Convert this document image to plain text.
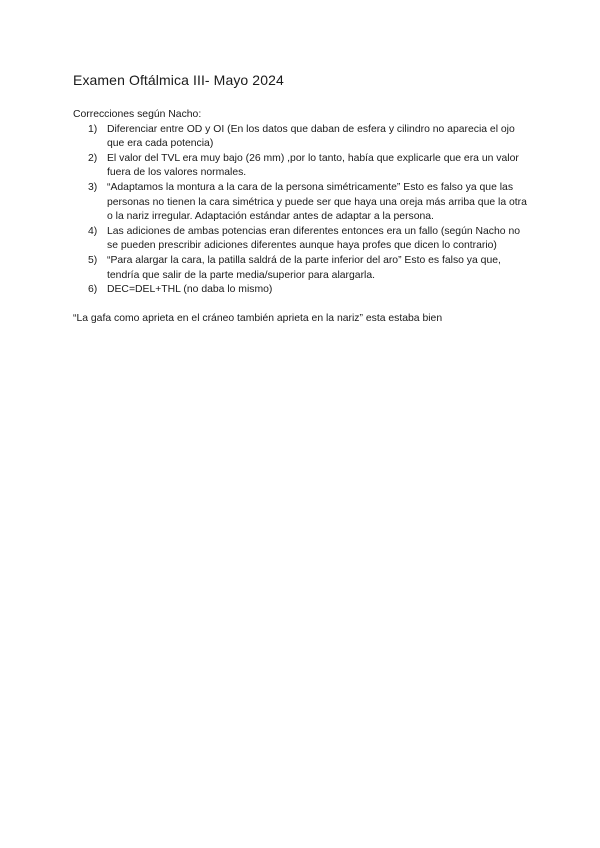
Examen Oftálmica III- Mayo 2024

Correcciones según Nacho:

1) Diferenciar entre OD y OI (En los datos que daban de esfera y cilindro no aparecia el ojo que era cada potencia)
2) El valor del TVL era muy bajo (26 mm) ,por lo tanto, había que explicarle que era un valor fuera de los valores normales.
3) “Adaptamos la montura a la cara de la persona simétricamente” Esto es falso ya que las personas no tienen la cara simétrica y puede ser que haya una oreja más arriba que la otra o la nariz irregular. Adaptación estándar antes de adaptar a la persona.
4) Las adiciones de ambas potencias eran diferentes entonces era un fallo (según Nacho no se pueden prescribir adiciones diferentes aunque haya profes que dicen lo contrario)
5) “Para alargar la cara, la patilla saldrá de la parte inferior del aro” Esto es falso ya que, tendría que salir de la parte media/superior para alargarla.
6) DEC=DEL+THL (no daba lo mismo)

“La gafa como aprieta en el cráneo también aprieta en la nariz” esta estaba bien
